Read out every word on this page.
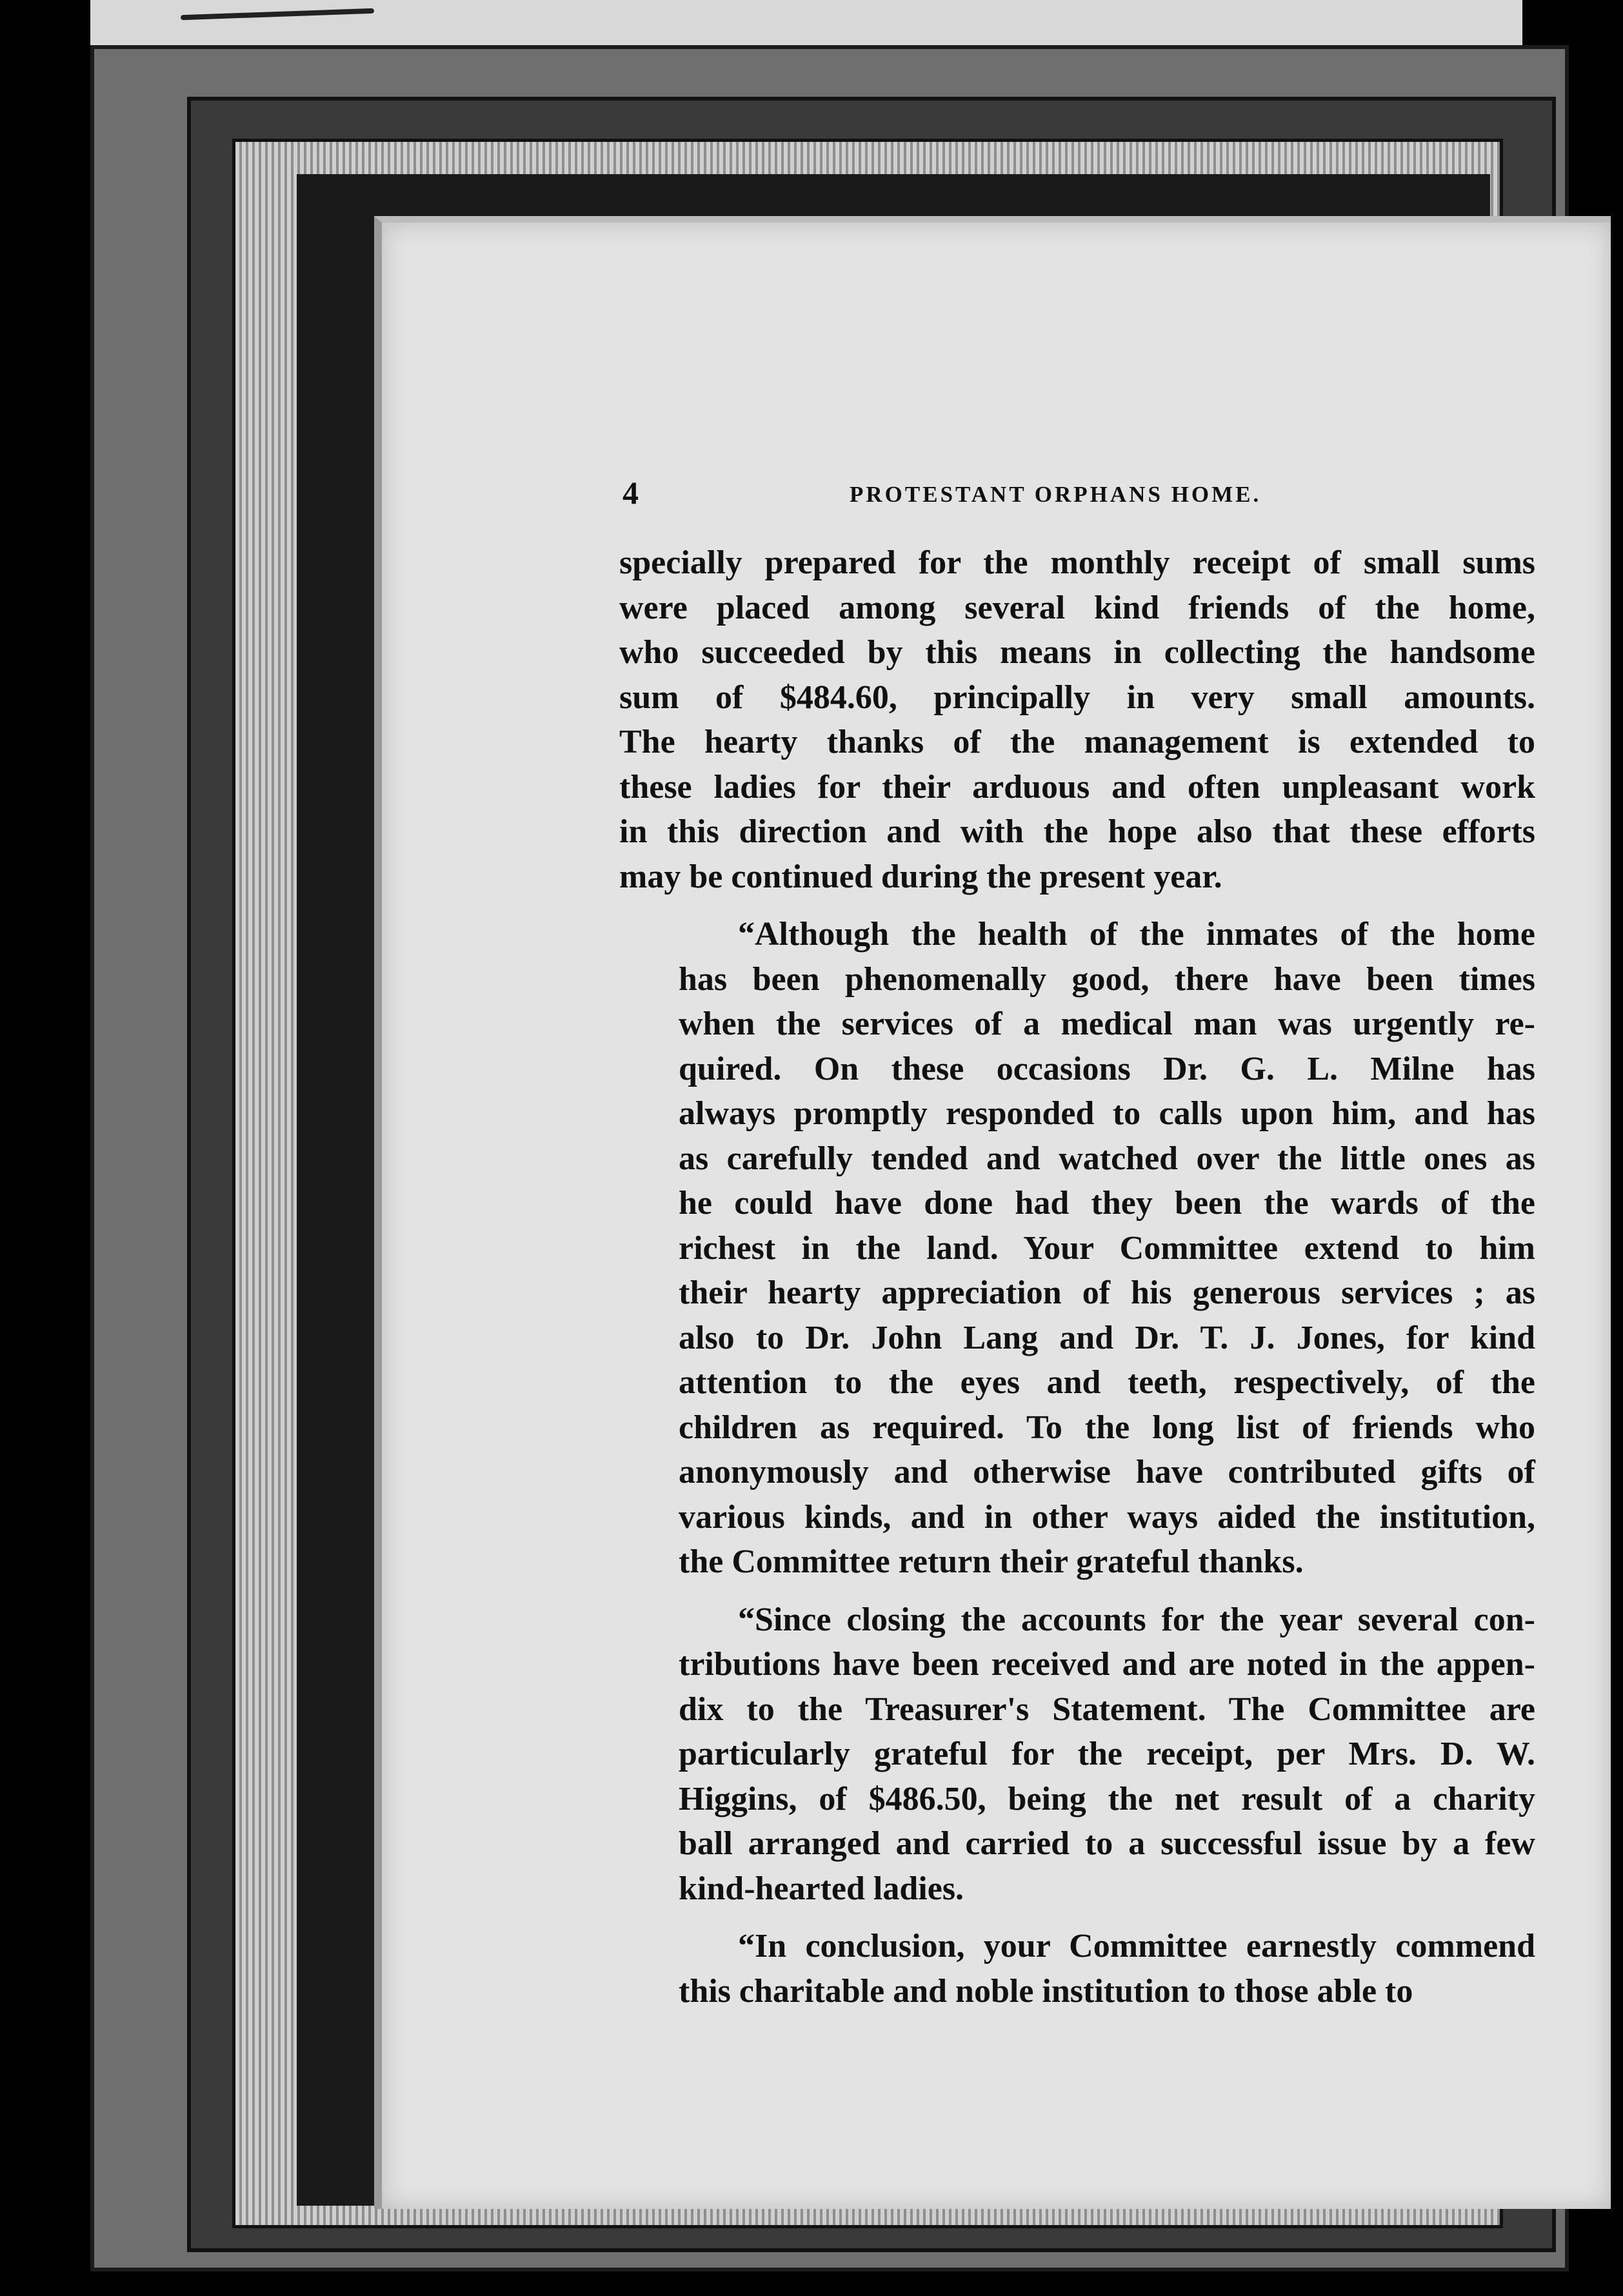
4	PROTESTANT ORPHANS HOME.
specially prepared for the monthly receipt of small sums
were placed among several kind friends of the home,
who succeeded by this means in collecting the handsome
sum of $484.60, principally in very small amounts.
The hearty thanks of the management is extended to
these ladies for their arduous and often unpleasant work
in this direction and with the hope also that these efforts
may be continued during the present year.
“Although the health of the inmates of the home
has been phenomenally good, there have been times
when the services of a medical man was urgently re-
quired. On these occasions Dr. G. L. Milne has
always promptly responded to calls upon him, and has
as carefully tended and watched over the little ones as
he could have done had they been the wards of the
richest in the land. Your Committee extend to him
their hearty appreciation of his generous services ; as
also to Dr. John Lang and Dr. T. J. Jones, for kind
attention to the eyes and teeth, respectively, of the
children as required. To the long list of friends who
anonymously and otherwise have contributed gifts of
various kinds, and in other ways aided the institution,
the Committee return their grateful thanks.
“Since closing the accounts for the year several con-
tributions have been received and are noted in the appen-
dix to the Treasurer's Statement. The Committee are
particularly grateful for the receipt, per Mrs. D. W.
Higgins, of $486.50, being the net result of a charity
ball arranged and carried to a successful issue by a few
kind-hearted ladies.
“In conclusion, your Committee earnestly commend
this charitable and noble institution to those able to
